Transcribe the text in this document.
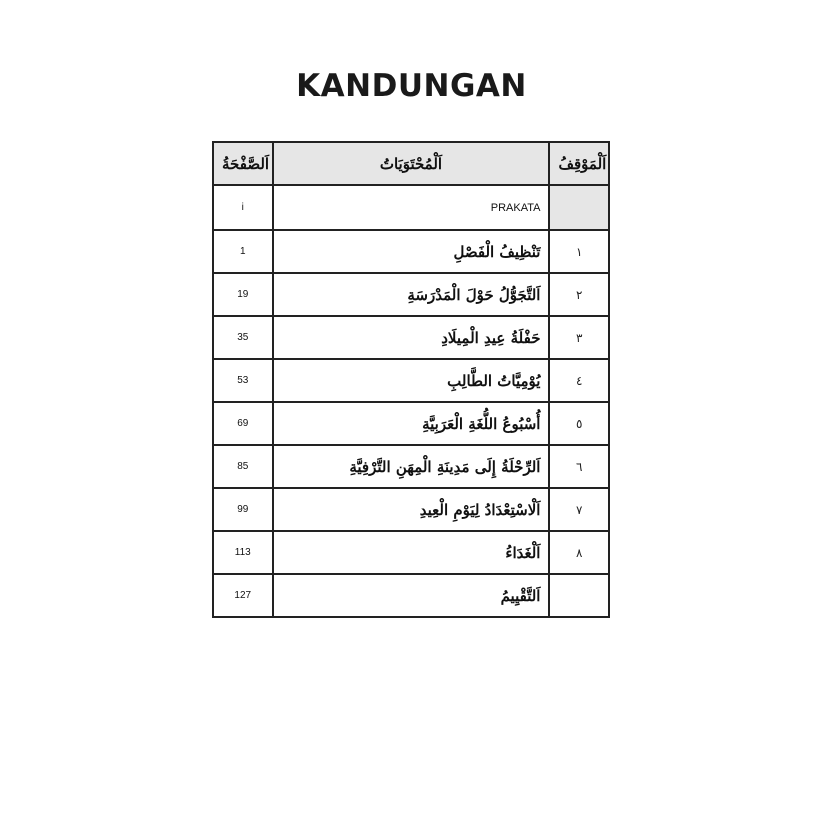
KANDUNGAN
اَلصَّفْحَةُ	اَلْمُحْتَوَيَاتُ	اَلْمَوْقِفُ
i	PRAKATA	
1	تَنْظِيفُ الْفَصْلِ	١
19	اَلتَّجَوُّلُ حَوْلَ الْمَدْرَسَةِ	٢
35	حَفْلَةُ عِيدِ الْمِيلَادِ	٣
53	يُوْمِيَّاتُ الطَّالِبِ	٤
69	أُسْبُوعُ اللُّغَةِ الْعَرَبِيَّةِ	٥
85	اَلرِّحْلَةُ إِلَى مَدِينَةِ الْمِهَنِ التَّرْفِيَّةِ	٦
99	اَلْاسْتِعْدَادُ لِيَوْمِ الْعِيدِ	٧
113	اَلْغَدَاءُ	٨
127	اَلتَّقْيِيمُ	
